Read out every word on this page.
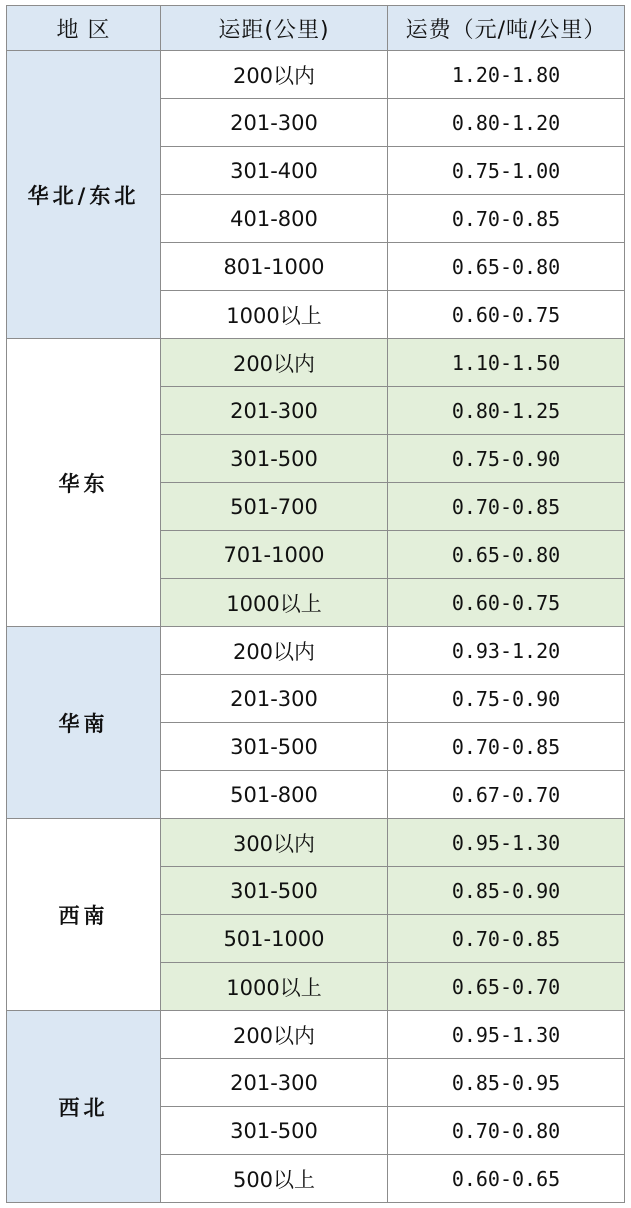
地 区	运距(公里)	运费（元/吨/公里）
华北/东北	200以内	1.20-1.80
	201-300	0.80-1.20
	301-400	0.75-1.00
	401-800	0.70-0.85
	801-1000	0.65-0.80
	1000以上	0.60-0.75
华东	200以内	1.10-1.50
	201-300	0.80-1.25
	301-500	0.75-0.90
	501-700	0.70-0.85
	701-1000	0.65-0.80
	1000以上	0.60-0.75
华南	200以内	0.93-1.20
	201-300	0.75-0.90
	301-500	0.70-0.85
	501-800	0.67-0.70
西南	300以内	0.95-1.30
	301-500	0.85-0.90
	501-1000	0.70-0.85
	1000以上	0.65-0.70
西北	200以内	0.95-1.30
	201-300	0.85-0.95
	301-500	0.70-0.80
	500以上	0.60-0.65
